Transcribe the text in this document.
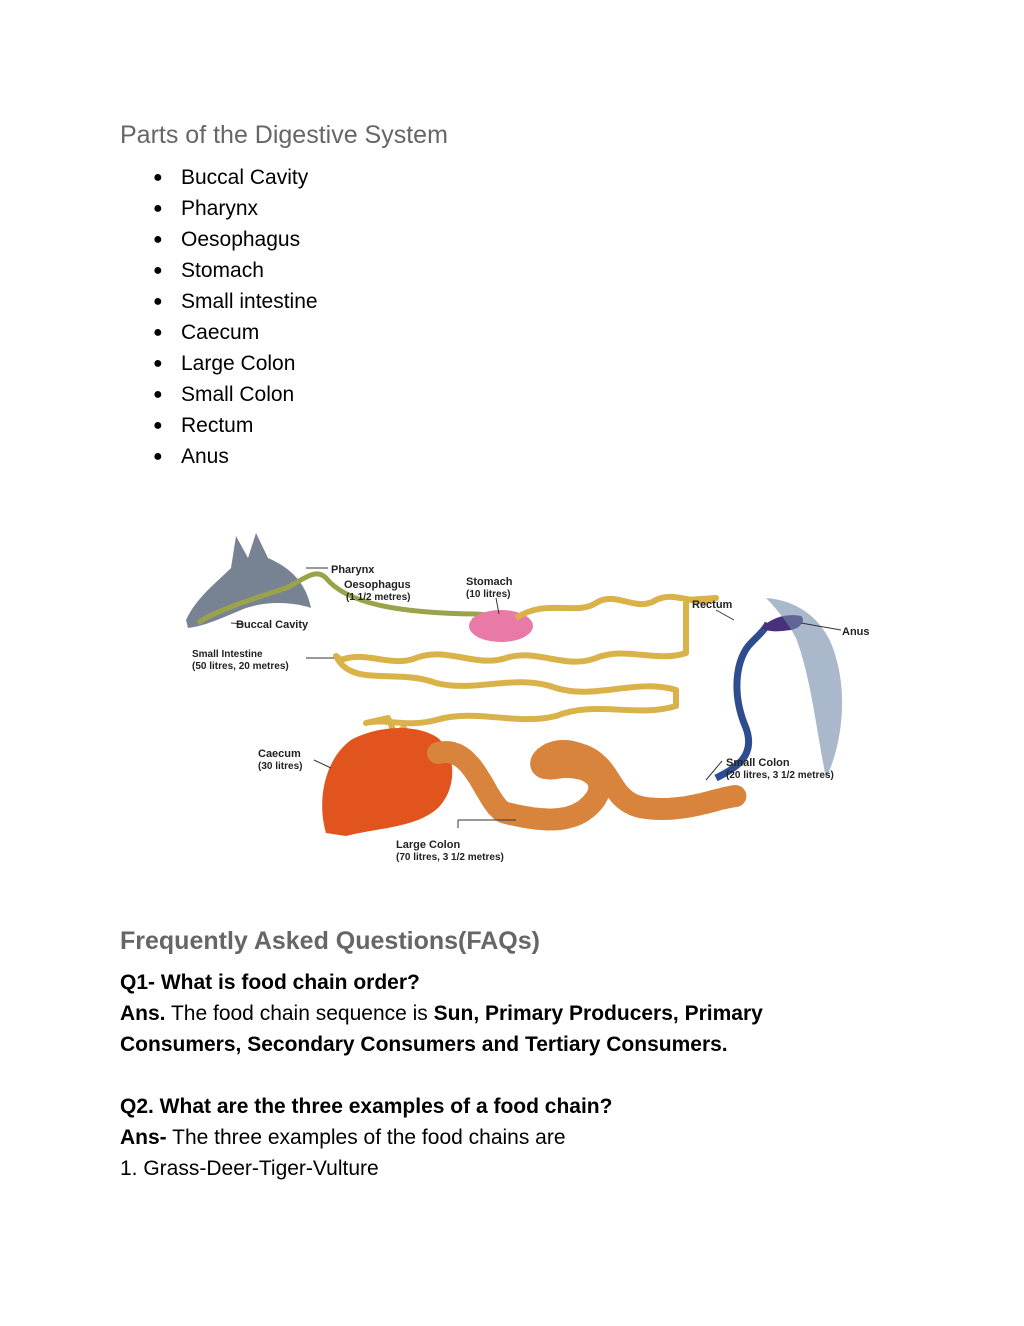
Parts of the Digestive System
● Buccal Cavity
● Pharynx
● Oesophagus
● Stomach
● Small intestine
● Caecum
● Large Colon
● Small Colon
● Rectum
● Anus
Pharynx
Oesophagus
(1 1/2 metres)
Stomach
(10 litres)
Rectum
Anus
Buccal Cavity
Small Intestine
(50 litres, 20 metres)
Caecum
(30 litres)	Small Colon
(20 litres, 3 1/2 metres)
Large Colon
(70 litres, 3 1/2 metres)
Frequently Asked Questions(FAQs)
Q1- What is food chain order?
Ans. The food chain sequence is Sun, Primary Producers, Primary
Consumers, Secondary Consumers and Tertiary Consumers.
Q2. What are the three examples of a food chain?
Ans- The three examples of the food chains are
1. Grass-Deer-Tiger-Vulture
